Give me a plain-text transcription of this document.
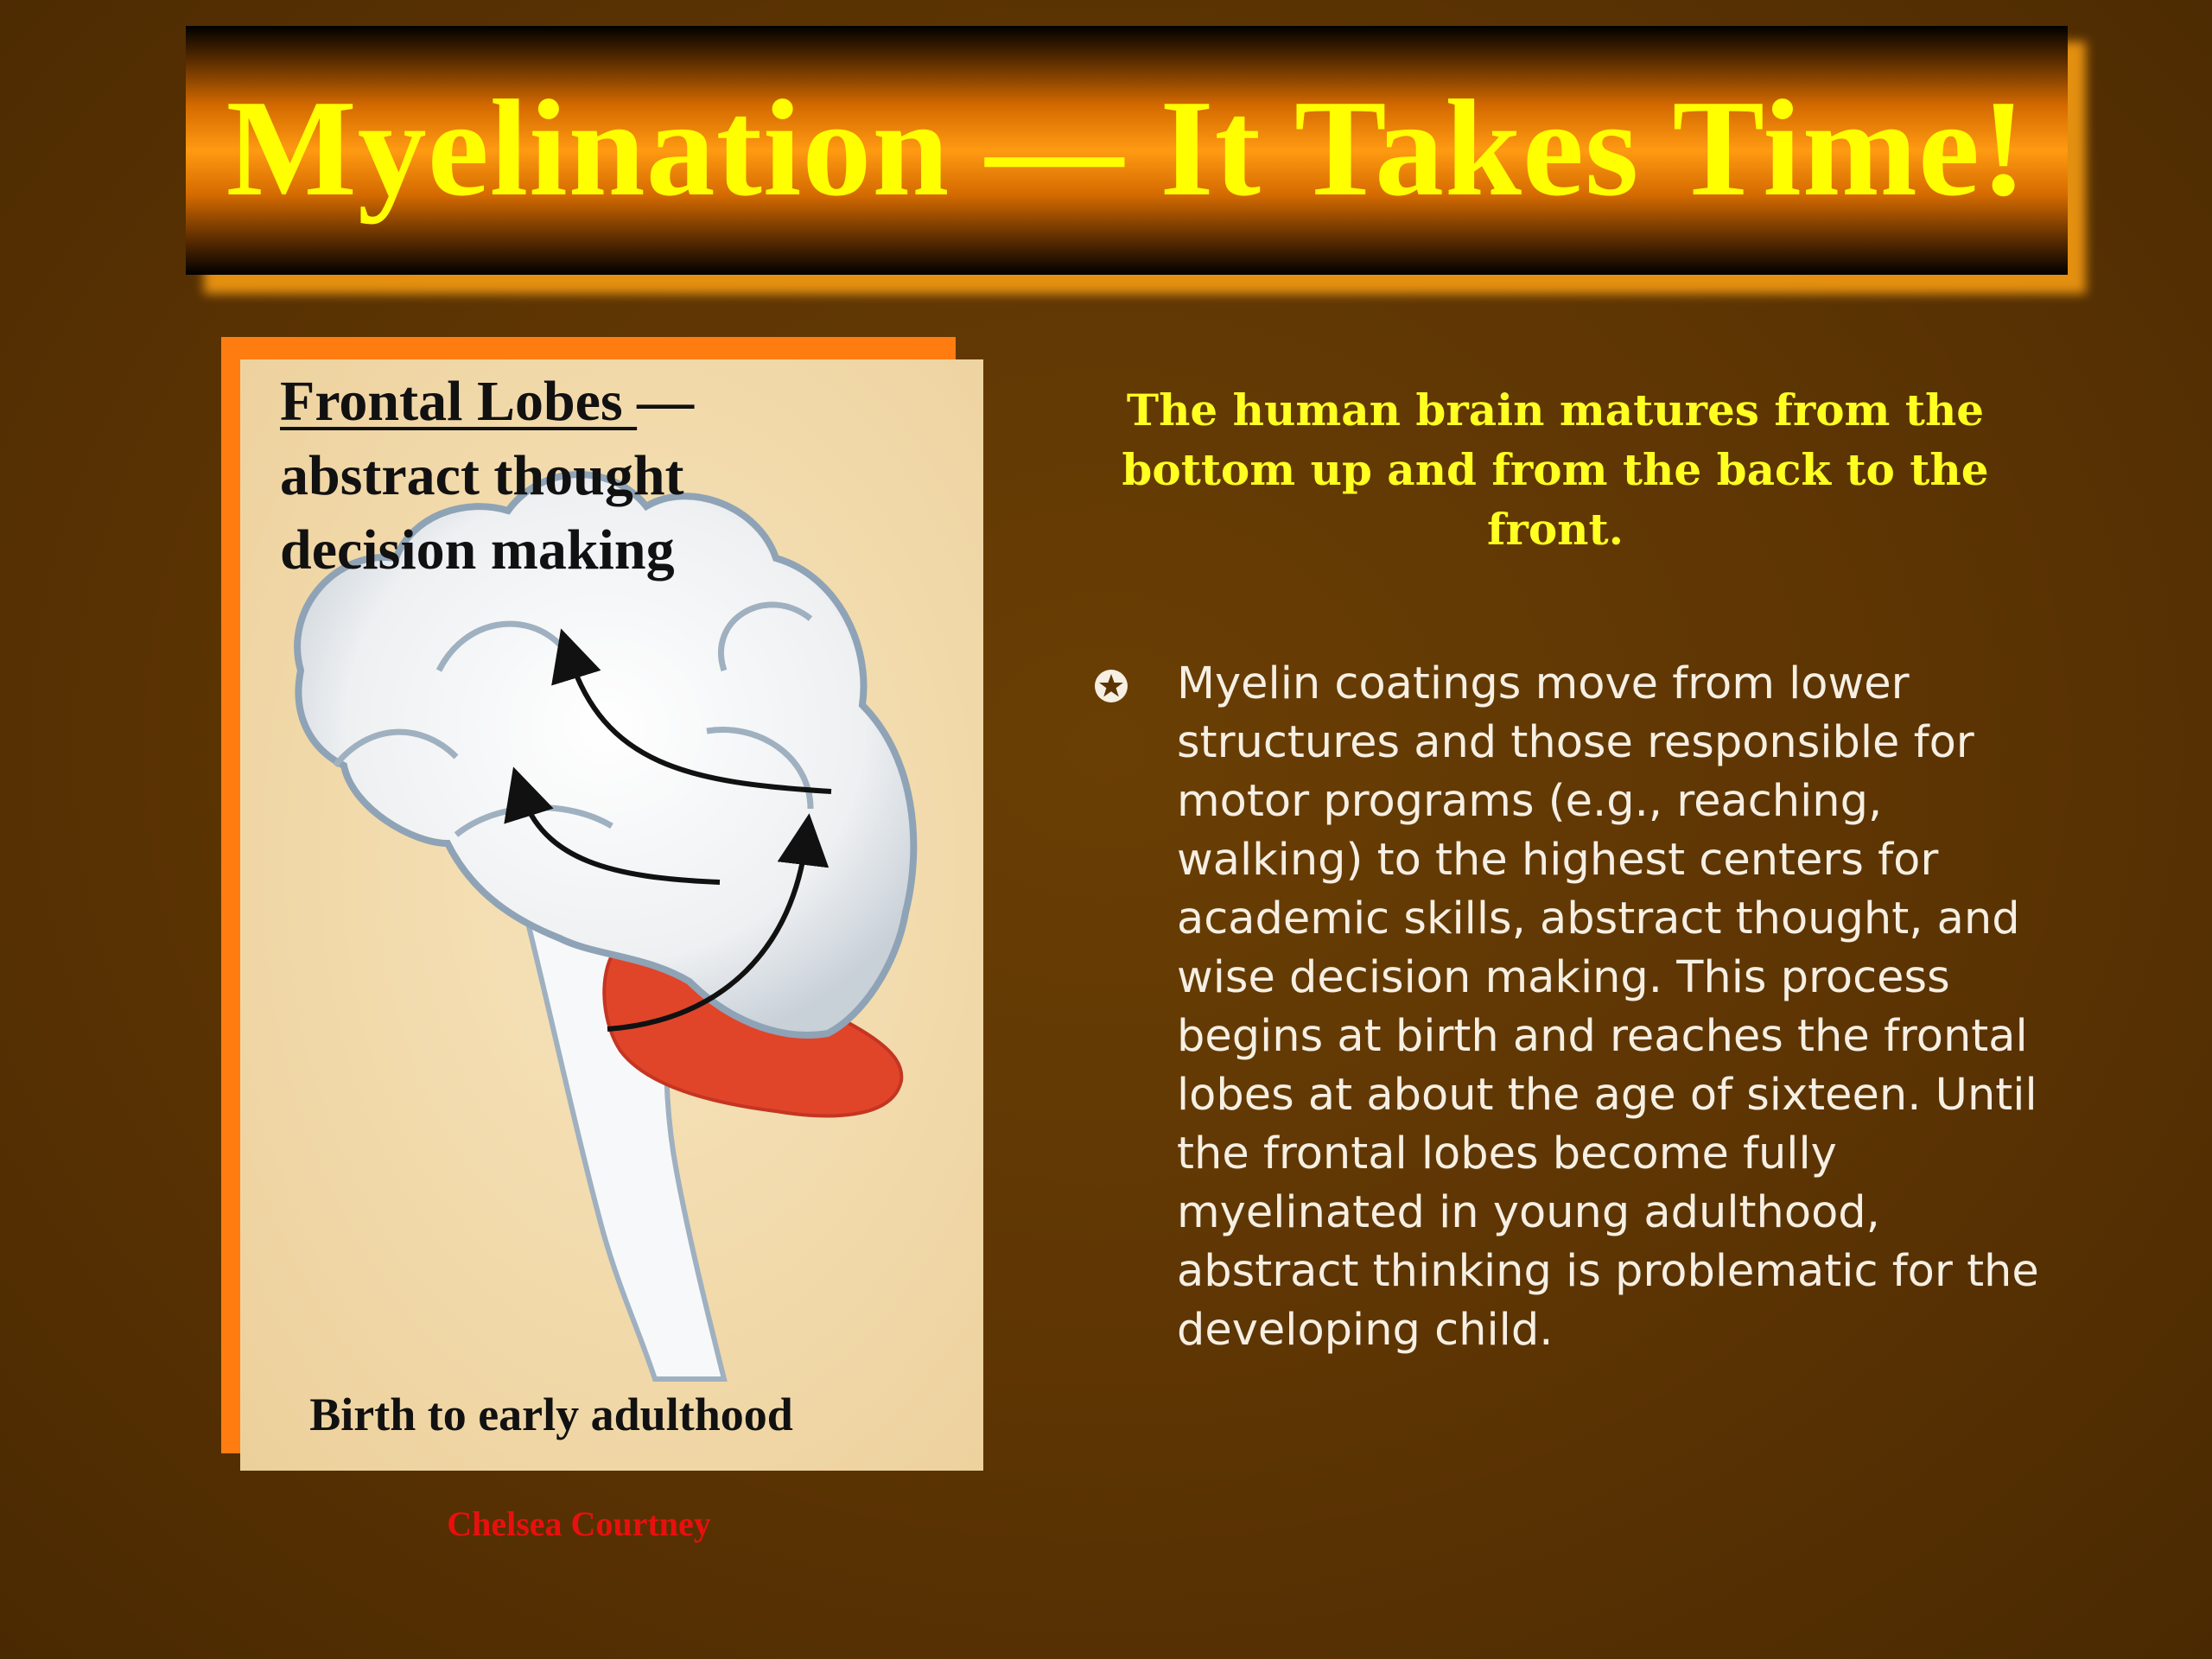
Myelination — It Takes Time!
Frontal Lobes —
abstract thought
decision making
Birth to early adulthood
Chelsea Courtney
The human brain matures from the bottom up and from the back to the front.
Myelin coatings move from lower structures and those responsible for motor programs (e.g., reaching, walking) to the highest centers for academic skills, abstract thought, and wise decision making. This process begins at birth and reaches the frontal lobes at about the age of sixteen. Until the frontal lobes become fully myelinated in young adulthood, abstract thinking is problematic for the developing child.
